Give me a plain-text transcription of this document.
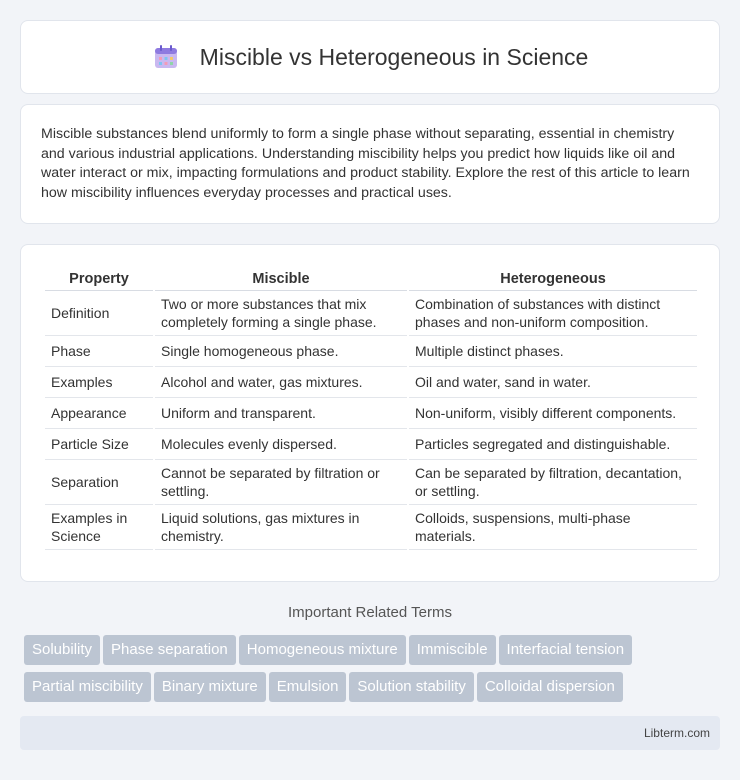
Miscible vs Heterogeneous in Science

Miscible substances blend uniformly to form a single phase without separating, essential in chemistry and various industrial applications. Understanding miscibility helps you predict how liquids like oil and water interact or mix, impacting formulations and product stability. Explore the rest of this article to learn how miscibility influences everyday processes and practical uses.

Property	Miscible	Heterogeneous
Definition	Two or more substances that mix completely forming a single phase.	Combination of substances with distinct phases and non-uniform composition.
Phase	Single homogeneous phase.	Multiple distinct phases.
Examples	Alcohol and water, gas mixtures.	Oil and water, sand in water.
Appearance	Uniform and transparent.	Non-uniform, visibly different components.
Particle Size	Molecules evenly dispersed.	Particles segregated and distinguishable.
Separation	Cannot be separated by filtration or settling.	Can be separated by filtration, decantation, or settling.
Examples in Science	Liquid solutions, gas mixtures in chemistry.	Colloids, suspensions, multi-phase materials.
Important Related Terms
Solubility Phase separation Homogeneous mixture Immiscible Interfacial tension
Partial miscibility Binary mixture Emulsion Solution stability Colloidal dispersion
Libterm.com
